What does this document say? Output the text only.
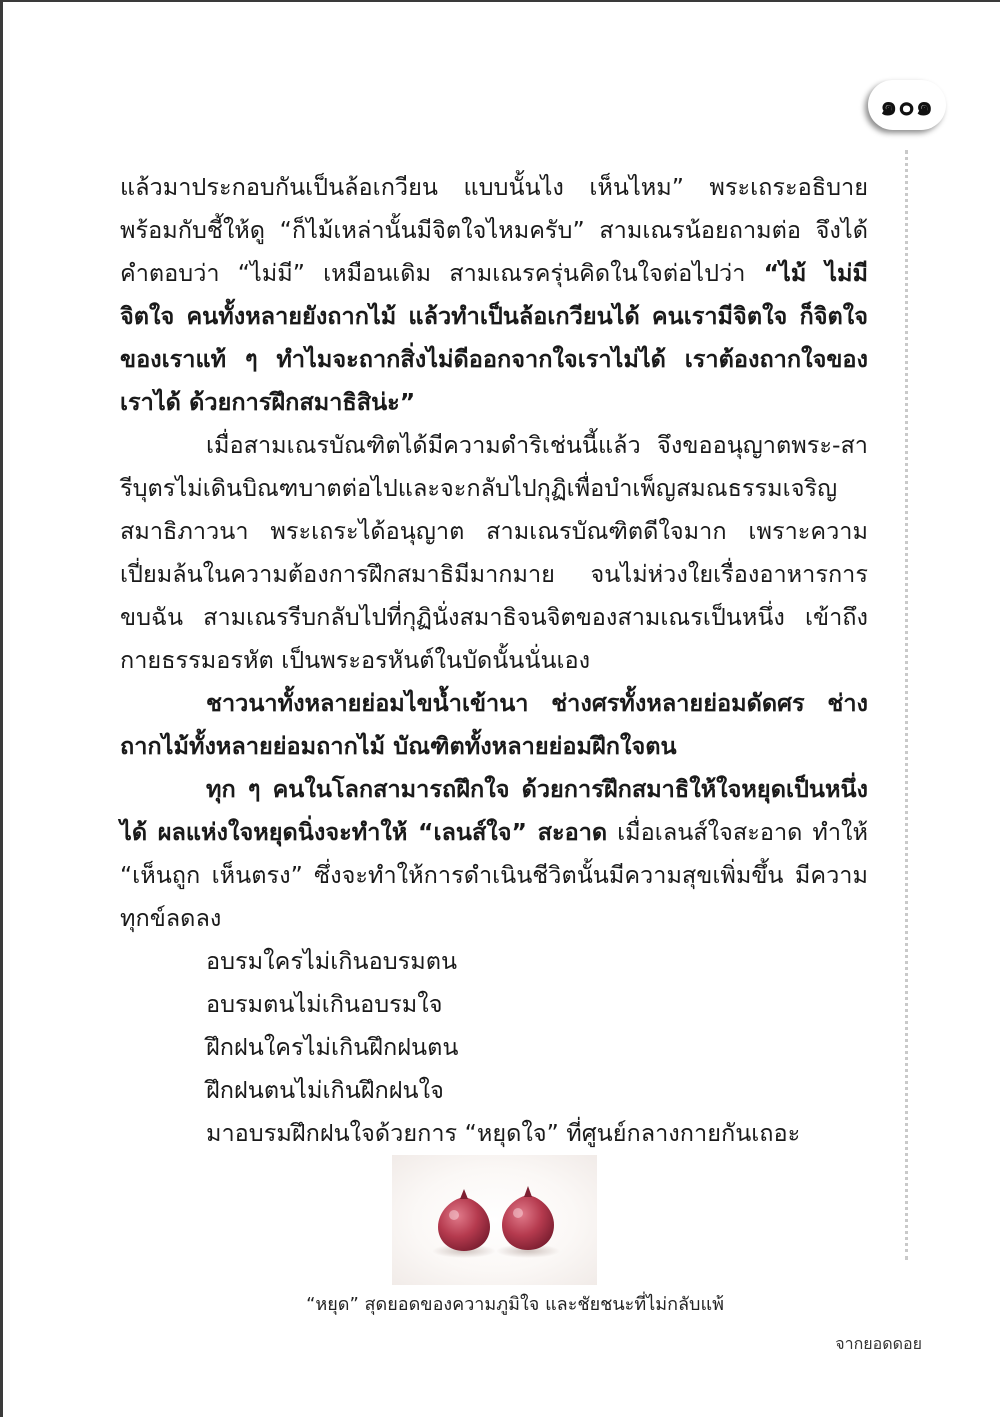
๑๐๑

แล้วมาประกอบกันเป็นล้อเกวียน แบบนั้นไง เห็นไหม” พระเถระอธิบาย พร้อมกับชี้ให้ดู “ก็ไม้เหล่านั้นมีจิตใจไหมครับ” สามเณรน้อยถามต่อ จึงได้คำตอบว่า “ไม่มี” เหมือนเดิม สามเณรครุ่นคิดในใจต่อไปว่า “ไม้ ไม่มีจิตใจ คนทั้งหลายยังถากไม้ แล้วทำเป็นล้อเกวียนได้ คนเรามีจิตใจ ก็จิตใจของเราแท้ ๆ ทำไมจะถากสิ่งไม่ดีออกจากใจเราไม่ได้ เราต้องถากใจของเราได้ ด้วยการฝึกสมาธิสิน่ะ”

เมื่อสามเณรบัณฑิตได้มีความดำริเช่นนี้แล้ว จึงขออนุญาตพระ-สารีบุตรไม่เดินบิณฑบาตต่อไปและจะกลับไปกุฏิเพื่อบำเพ็ญสมณธรรมเจริญสมาธิภาวนา พระเถระได้อนุญาต สามเณรบัณฑิตดีใจมาก เพราะความเปี่ยมล้นในความต้องการฝึกสมาธิมีมากมาย จนไม่ห่วงใยเรื่องอาหารการขบฉัน สามเณรรีบกลับไปที่กุฏินั่งสมาธิจนจิตของสามเณรเป็นหนึ่ง เข้าถึงกายธรรมอรหัต เป็นพระอรหันต์ในบัดนั้นนั่นเอง

ชาวนาทั้งหลายย่อมไขน้ำเข้านา ช่างศรทั้งหลายย่อมดัดศร ช่างถากไม้ทั้งหลายย่อมถากไม้ บัณฑิตทั้งหลายย่อมฝึกใจตน

ทุก ๆ คนในโลกสามารถฝึกใจ ด้วยการฝึกสมาธิให้ใจหยุดเป็นหนึ่งได้ ผลแห่งใจหยุดนิ่งจะทำให้ “เลนส์ใจ” สะอาด เมื่อเลนส์ใจสะอาด ทำให้ “เห็นถูก เห็นตรง” ซึ่งจะทำให้การดำเนินชีวิตนั้นมีความสุขเพิ่มขึ้น มีความทุกข์ลดลง

อบรมใครไม่เกินอบรมตน

อบรมตนไม่เกินอบรมใจ

ฝึกฝนใครไม่เกินฝึกฝนตน

ฝึกฝนตนไม่เกินฝึกฝนใจ

มาอบรมฝึกฝนใจด้วยการ “หยุดใจ” ที่ศูนย์กลางกายกันเถอะ

“หยุด” สุดยอดของความภูมิใจ และชัยชนะที่ไม่กลับแพ้
จากยอดดอย
